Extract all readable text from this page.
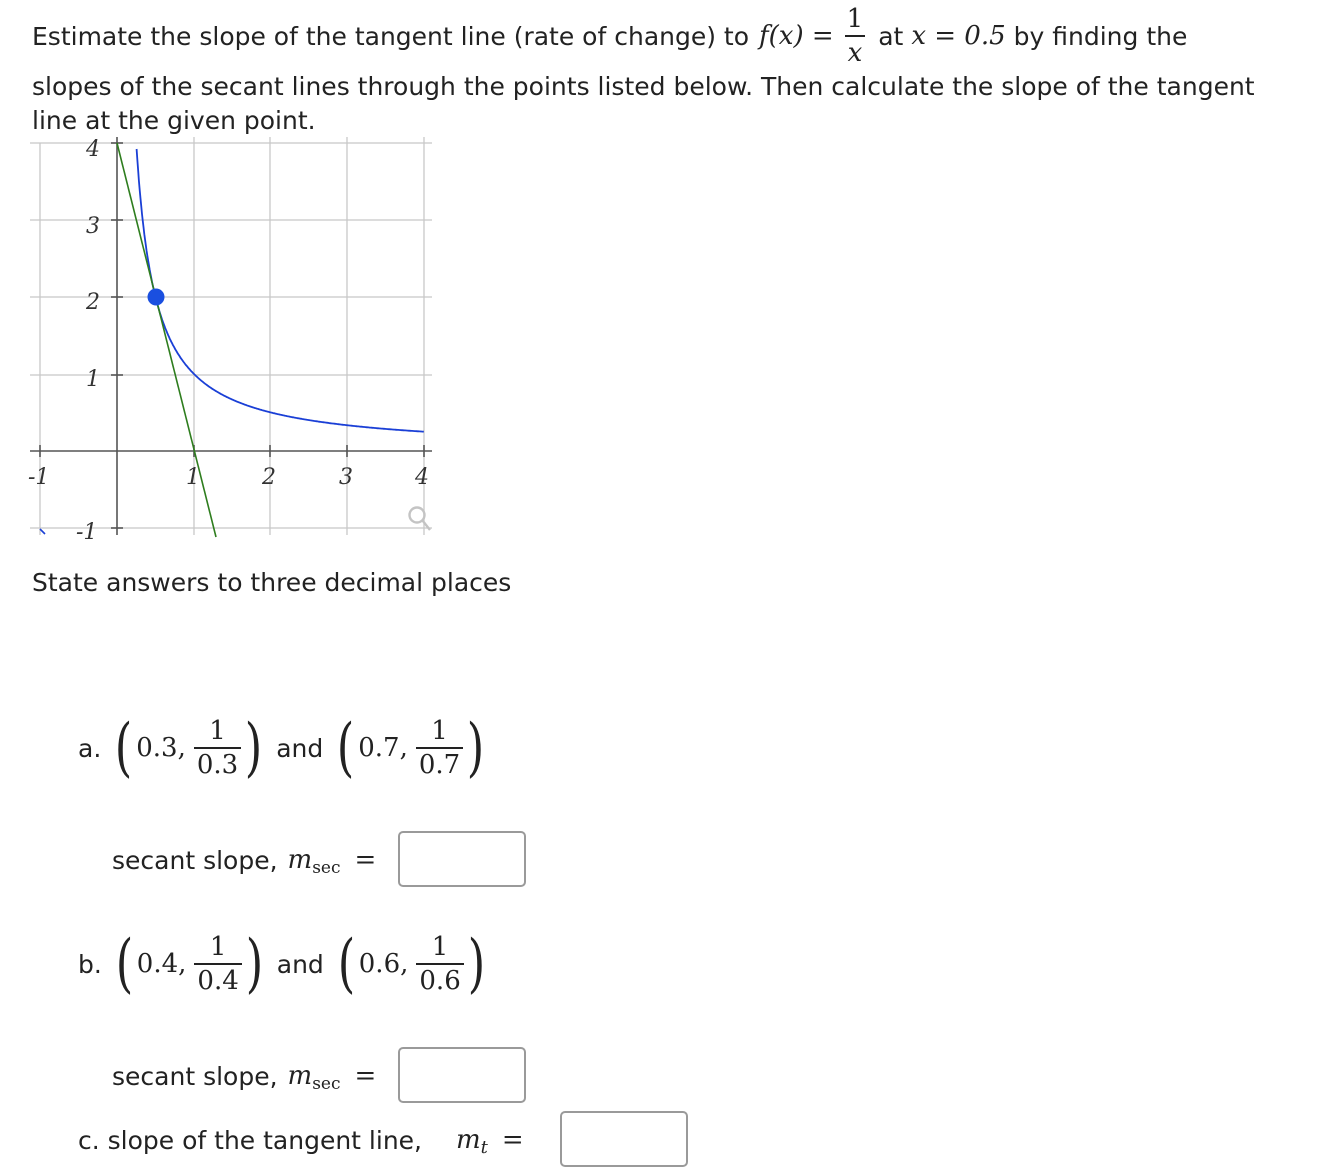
Estimate the slope of the tangent line (rate of change) to $f(x) = \frac{1}{x}$ at x = 0.5 by finding the
slopes of the secant lines through the points listed below. Then calculate the slope of the tangent
line at the given point.
-1	1	2	3	4
4
3
2
1
-1
State answers to three decimal places
a. ( 0.3, $\frac{1}{0.3}$ ) and ( 0.7, $\frac{1}{0.7}$ )
secant slope, m sec =
b. ( 0.4, $\frac{1}{0.4}$ ) and ( 0.6, $\frac{1}{0.6}$ )
secant slope, m sec =
c. slope of the tangent line, m t =
